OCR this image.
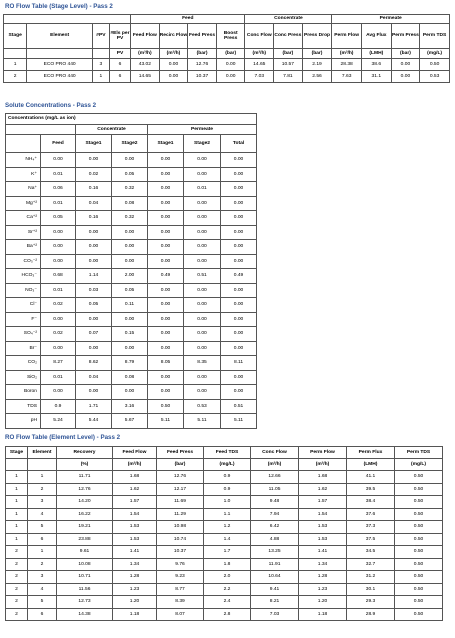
RO Flow Table (Stage Level) - Pass 2
				Feed				Concentrate			Permeate			
Stage	Element	#PV	#Els per PV	Feed Flow	Recirc Flow	Feed Press	Boost Press	Conc Flow	Conc Press	Press Drop	Perm Flow	Avg Flux	Perm Press	Perm TDS
			PV	(m³/h)	(m³/h)	(bar)	(bar)	(m³/h)	(bar)	(bar)	(m³/h)	(LMH)	(bar)	(mg/L)
1	ECO PRO 440	3	6	43.02	0.00	12.76	0.00	14.65	10.57	2.19	28.38	38.6	0.00	0.50
2	ECO PRO 440	1	6	14.65	0.00	10.37	0.00	7.03	7.81	2.56	7.63	31.1	0.00	0.53
Solute Concentrations - Pass 2
Concentrations (mg/L as ion)						
		Concentrate		Permeate		
	Feed	Stage1	Stage2	Stage1	Stage2	Total
NH₄⁺	0.00	0.00	0.00	0.00	0.00	0.00
K⁺	0.01	0.02	0.05	0.00	0.00	0.00
Na⁺	0.06	0.16	0.32	0.00	0.01	0.00
Mg⁺²	0.01	0.04	0.08	0.00	0.00	0.00
Ca⁺²	0.05	0.16	0.32	0.00	0.00	0.00
Sr⁺²	0.00	0.00	0.00	0.00	0.00	0.00
Ba⁺²	0.00	0.00	0.00	0.00	0.00	0.00
CO₃⁻²	0.00	0.00	0.00	0.00	0.00	0.00
HCO₃⁻	0.68	1.14	2.00	0.49	0.51	0.49
NO₃⁻	0.01	0.03	0.05	0.00	0.00	0.00
Cl⁻	0.02	0.05	0.11	0.00	0.00	0.00
F⁻	0.00	0.00	0.00	0.00	0.00	0.00
SO₄⁻²	0.02	0.07	0.15	0.00	0.00	0.00
Br⁻	0.00	0.00	0.00	0.00	0.00	0.00
CO₂	8.27	8.62	8.79	8.05	8.35	8.11
SiO₂	0.01	0.04	0.08	0.00	0.00	0.00
Boron	0.00	0.00	0.00	0.00	0.00	0.00
TDS	0.9	1.71	3.16	0.50	0.53	0.51
pH	5.24	5.44	5.67	5.11	5.11	5.11
RO Flow Table (Element Level) - Pass 2
Stage	Element	Recovery	Feed Flow	Feed Press	Feed TDS	Conc Flow	Perm Flow	Perm Flux	Perm TDS
		(%)	(m³/h)	(bar)	(mg/L)	(m³/h)	(m³/h)	(LMH)	(mg/L)
1	1	11.71	1.68	12.76	0.9	12.66	1.68	41.1	0.50
1	2	12.76	1.62	12.17	0.9	11.05	1.62	39.5	0.50
1	3	14.20	1.57	11.69	1.0	9.48	1.57	38.4	0.50
1	4	16.22	1.54	11.29	1.1	7.94	1.54	37.6	0.50
1	5	19.21	1.53	10.98	1.2	6.42	1.53	37.3	0.50
1	6	23.88	1.53	10.74	1.4	4.88	1.53	37.5	0.50
2	1	9.61	1.41	10.37	1.7	13.25	1.41	34.5	0.50
2	2	10.08	1.34	9.76	1.8	11.91	1.34	32.7	0.50
2	3	10.71	1.28	9.23	2.0	10.64	1.28	31.2	0.50
2	4	11.56	1.23	8.77	2.2	9.41	1.23	30.1	0.50
2	5	12.73	1.20	8.39	2.4	8.21	1.20	29.3	0.50
2	6	14.38	1.18	8.07	2.8	7.03	1.18	28.9	0.50
